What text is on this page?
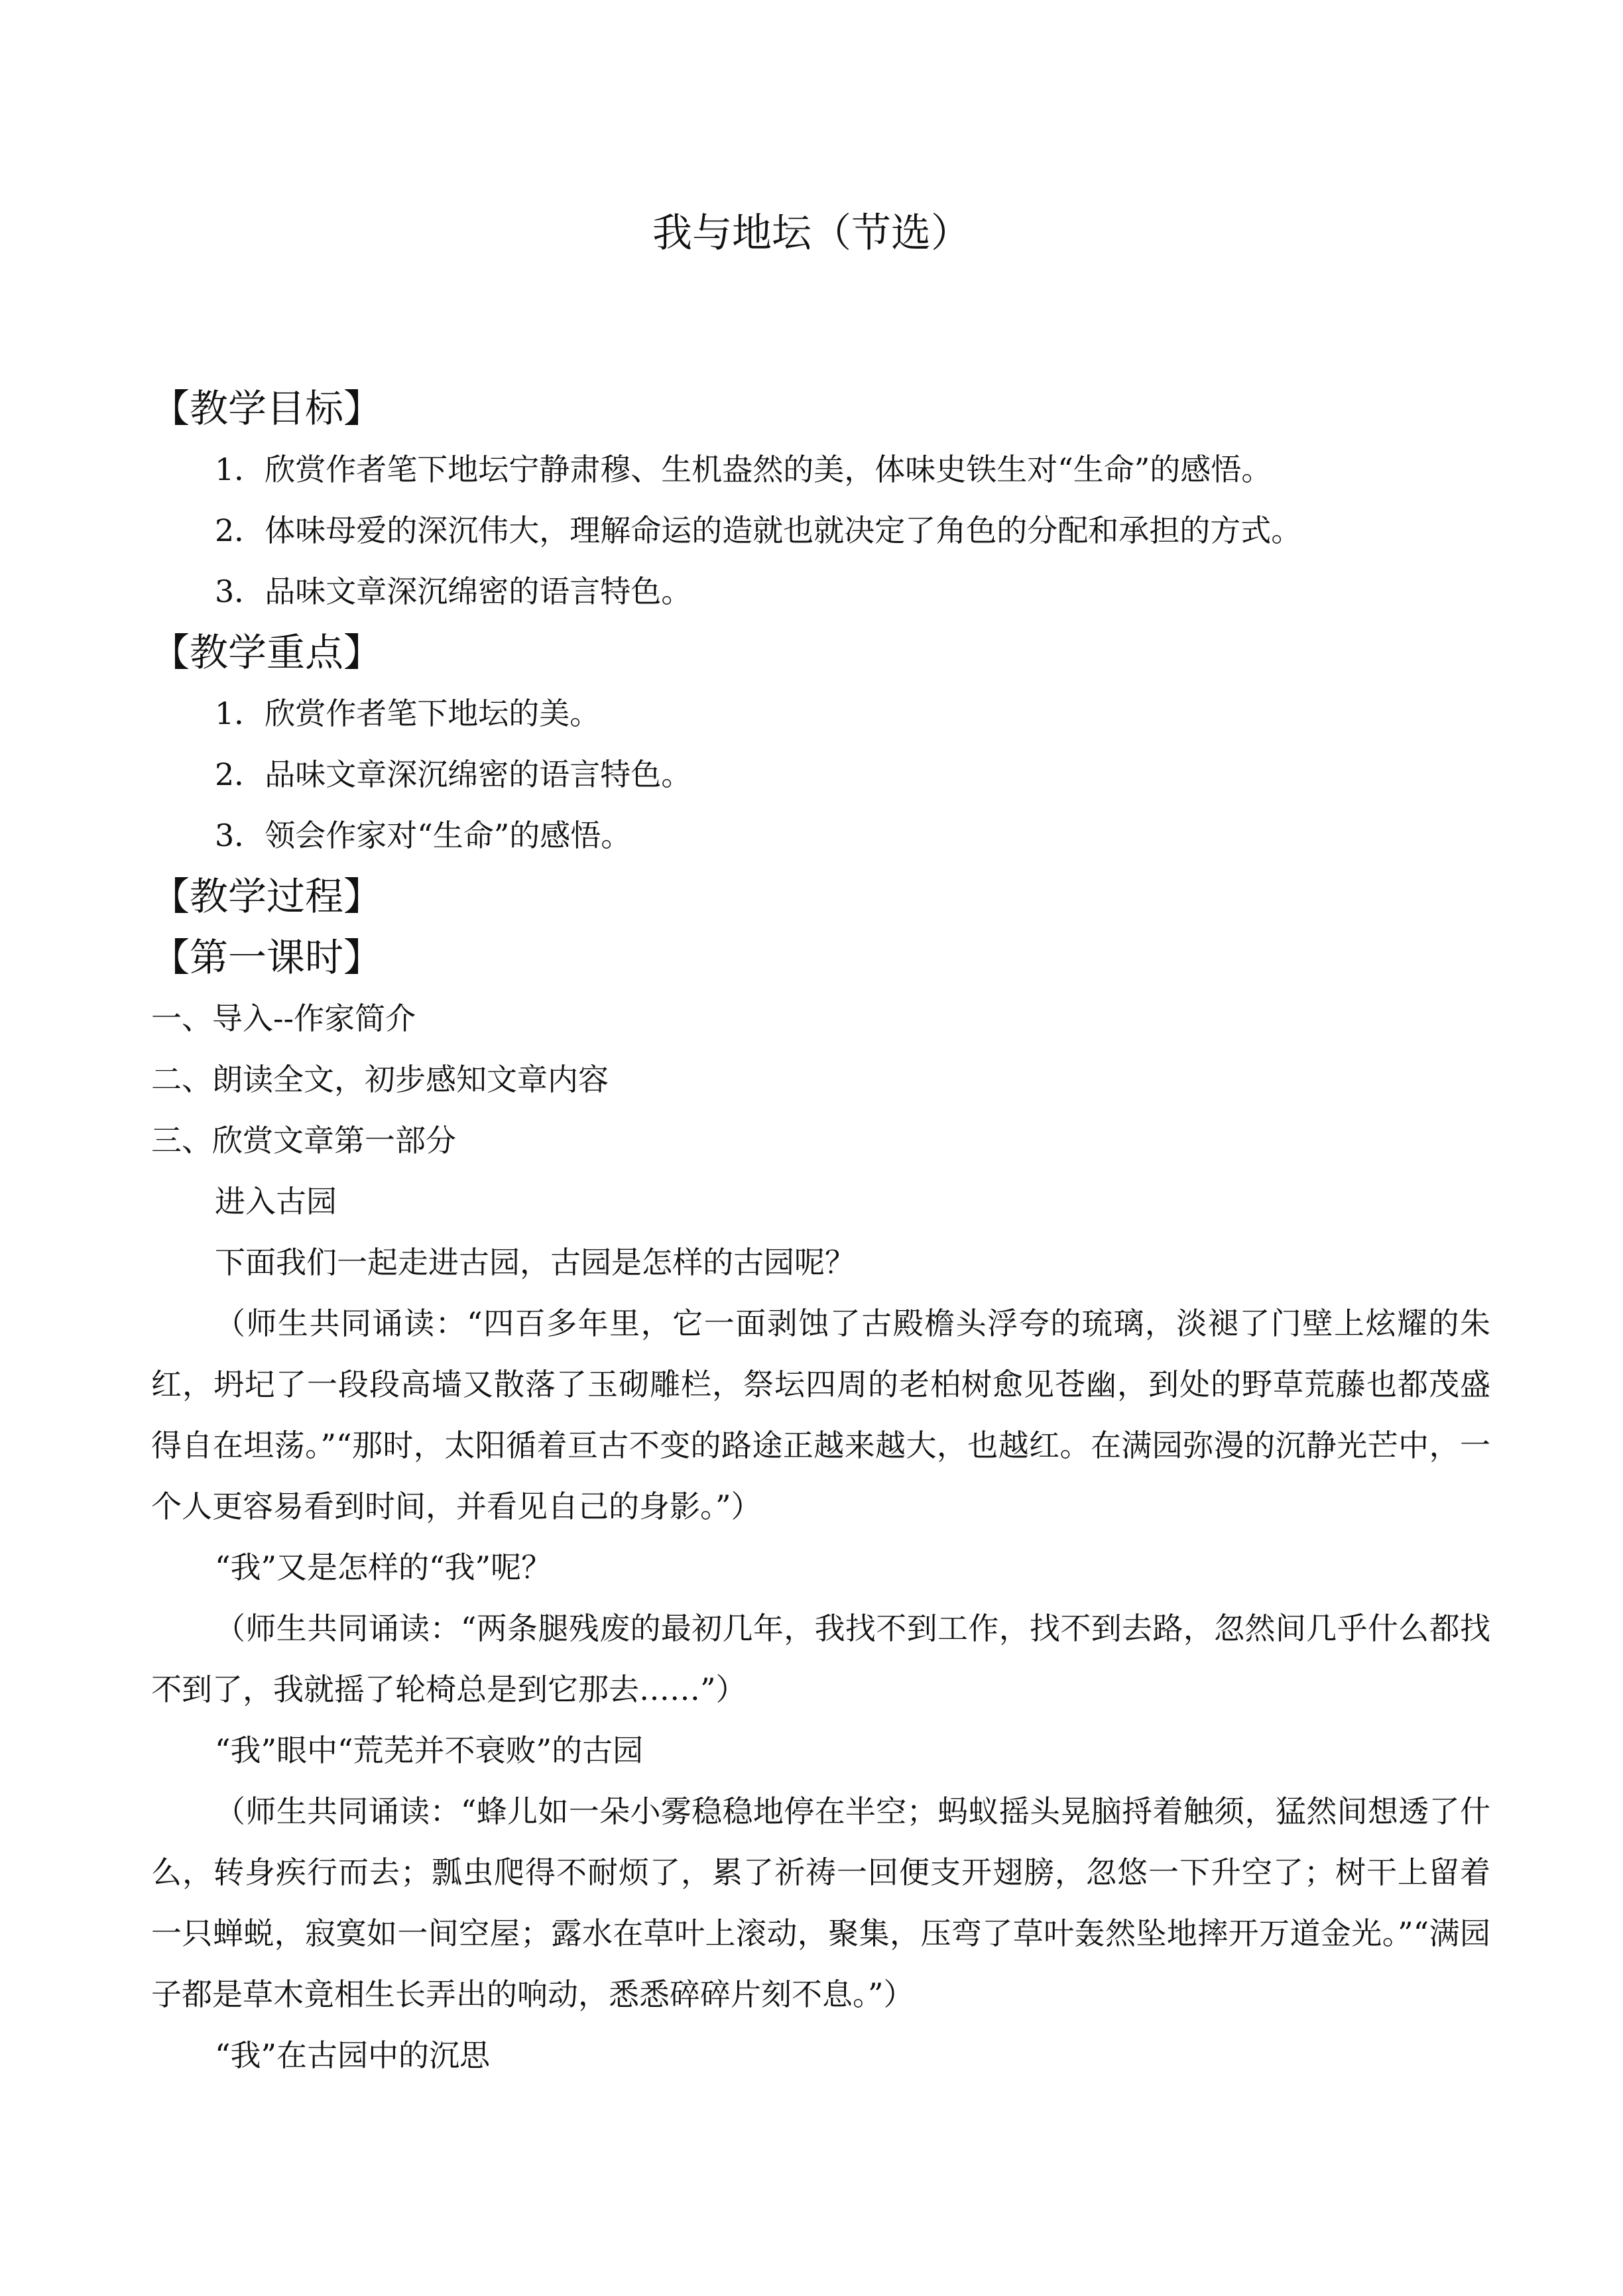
我与地坛（节选）
【教学目标】
1．欣赏作者笔下地坛宁静肃穆、生机盎然的美，体味史铁生对“生命”的感悟。
2．体味母爱的深沉伟大，理解命运的造就也就决定了角色的分配和承担的方式。
3．品味文章深沉绵密的语言特色。
【教学重点】
1．欣赏作者笔下地坛的美。
2．品味文章深沉绵密的语言特色。
3．领会作家对“生命”的感悟。
【教学过程】
【第一课时】
一、导入--作家简介
二、朗读全文，初步感知文章内容
三、欣赏文章第一部分
进入古园
下面我们一起走进古园，古园是怎样的古园呢？

（师生共同诵读：“四百多年里，它一面剥蚀了古殿檐头浮夸的琉璃，淡褪了门壁上炫耀的朱红，坍圮了一段段高墙又散落了玉砌雕栏，祭坛四周的老柏树愈见苍幽，到处的野草荒藤也都茂盛得自在坦荡。”“那时，太阳循着亘古不变的路途正越来越大，也越红。在满园弥漫的沉静光芒中，一个人更容易看到时间，并看见自己的身影。”）

“我”又是怎样的“我”呢？

（师生共同诵读：“两条腿残废的最初几年，我找不到工作，找不到去路，忽然间几乎什么都找不到了，我就摇了轮椅总是到它那去……”）

“我”眼中“荒芜并不衰败”的古园

（师生共同诵读：“蜂儿如一朵小雾稳稳地停在半空；蚂蚁摇头晃脑捋着触须，猛然间想透了什么，转身疾行而去；瓢虫爬得不耐烦了，累了祈祷一回便支开翅膀，忽悠一下升空了；树干上留着一只蝉蜕，寂寞如一间空屋；露水在草叶上滚动，聚集，压弯了草叶轰然坠地摔开万道金光。”“满园子都是草木竟相生长弄出的响动，悉悉碎碎片刻不息。”）

“我”在古园中的沉思
